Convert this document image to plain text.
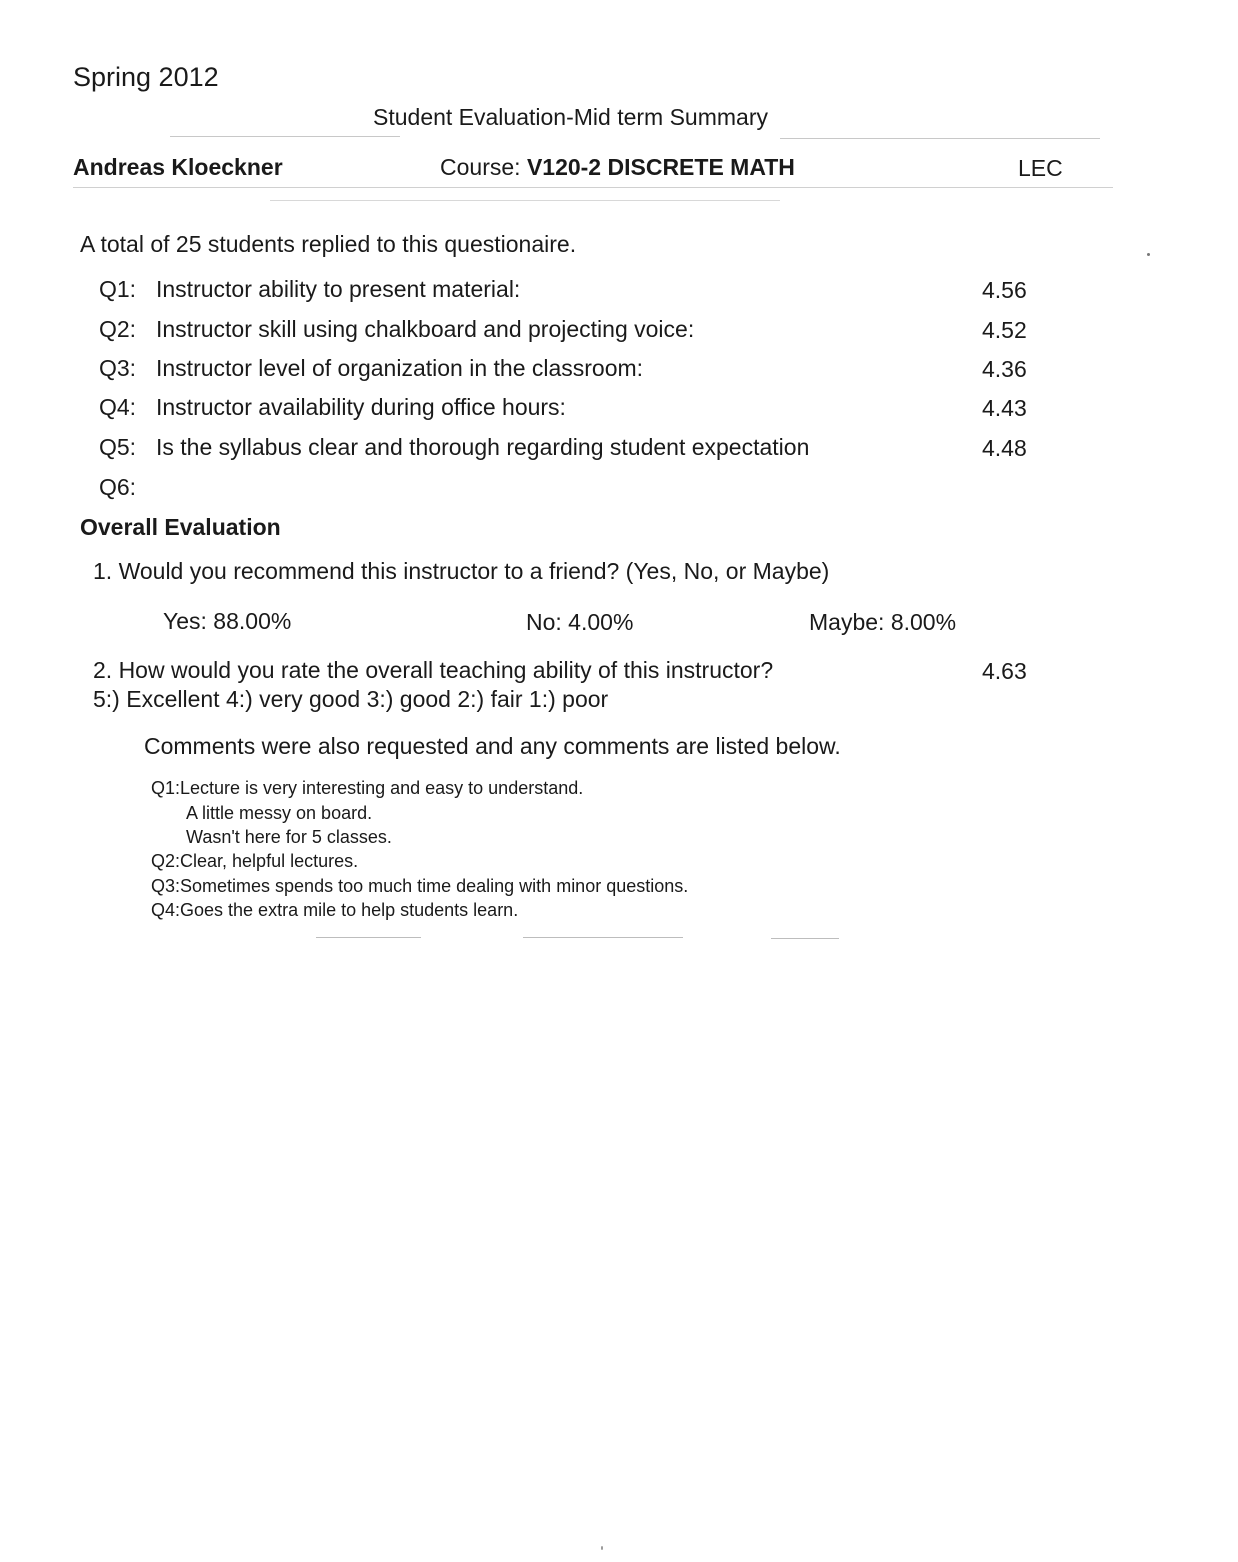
Spring 2012
Student Evaluation-Mid term Summary
Andreas Kloeckner	Course: V120-2 DISCRETE MATH	LEC
A total of 25 students replied to this questionaire.
Q1: Instructor ability to present material:	4.56
Q2: Instructor skill using chalkboard and projecting voice:	4.52
Q3: Instructor level of organization in the classroom:	4.36
Q4: Instructor availability during office hours:	4.43
Q5: Is the syllabus clear and thorough regarding student expectation	4.48
Q6:
Overall Evaluation
1. Would you recommend this instructor to a friend? (Yes, No, or Maybe)
Yes: 88.00%	No: 4.00%	Maybe: 8.00%
2. How would you rate the overall teaching ability of this instructor?	4.63
5:) Excellent 4:) very good 3:) good 2:) fair 1:) poor
Comments were also requested and any comments are listed below.
Q1:Lecture is very interesting and easy to understand.
A little messy on board.
Wasn't here for 5 classes.
Q2:Clear, helpful lectures.
Q3:Sometimes spends too much time dealing with minor questions.
Q4:Goes the extra mile to help students learn.
